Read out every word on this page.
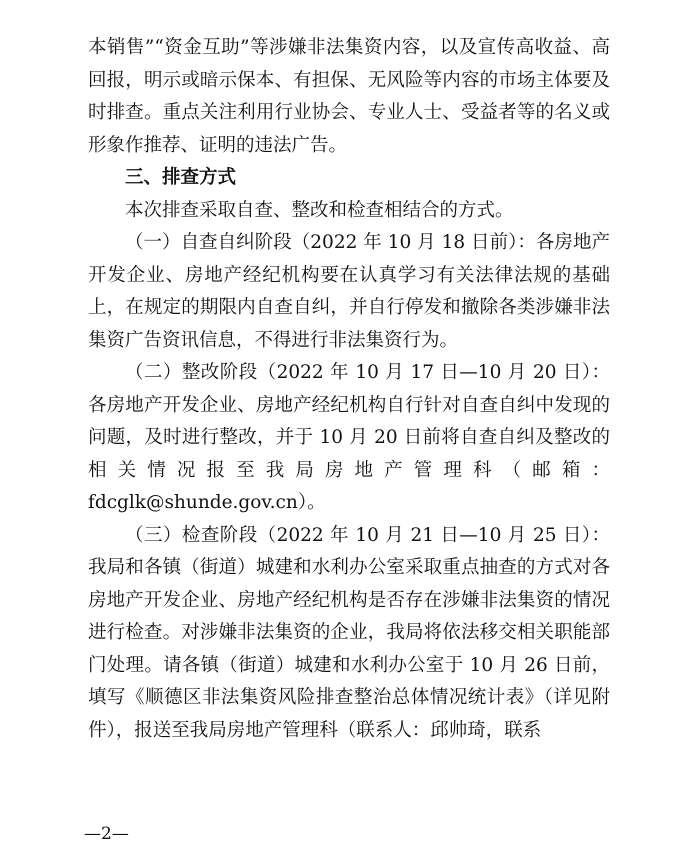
本销售”“资金互助”等涉嫌非法集资内容，以及宣传高收益、高回报，明示或暗示保本、有担保、无风险等内容的市场主体要及时排查。重点关注利用行业协会、专业人士、受益者等的名义或形象作推荐、证明的违法广告。

三、排查方式

本次排查采取自查、整改和检查相结合的方式。

（一）自查自纠阶段（2022 年 10 月 18 日前）：各房地产开发企业、房地产经纪机构要在认真学习有关法律法规的基础上，在规定的期限内自查自纠，并自行停发和撤除各类涉嫌非法集资广告资讯信息，不得进行非法集资行为。

（二）整改阶段（2022 年 10 月 17 日—10 月 20 日）：各房地产开发企业、房地产经纪机构自行针对自查自纠中发现的问题，及时进行整改，并于 10 月 20 日前将自查自纠及整改的相关情况报至我局房地产管理科（邮箱：fdcglk@shunde.gov.cn）。

（三）检查阶段（2022 年 10 月 21 日—10 月 25 日）：我局和各镇（街道）城建和水利办公室采取重点抽查的方式对各房地产开发企业、房地产经纪机构是否存在涉嫌非法集资的情况进行检查。对涉嫌非法集资的企业，我局将依法移交相关职能部门处理。请各镇（街道）城建和水利办公室于 10 月 26 日前，填写《顺德区非法集资风险排查整治总体情况统计表》（详见附件），报送至我局房地产管理科（联系人：邱帅琦，联系

—2—
